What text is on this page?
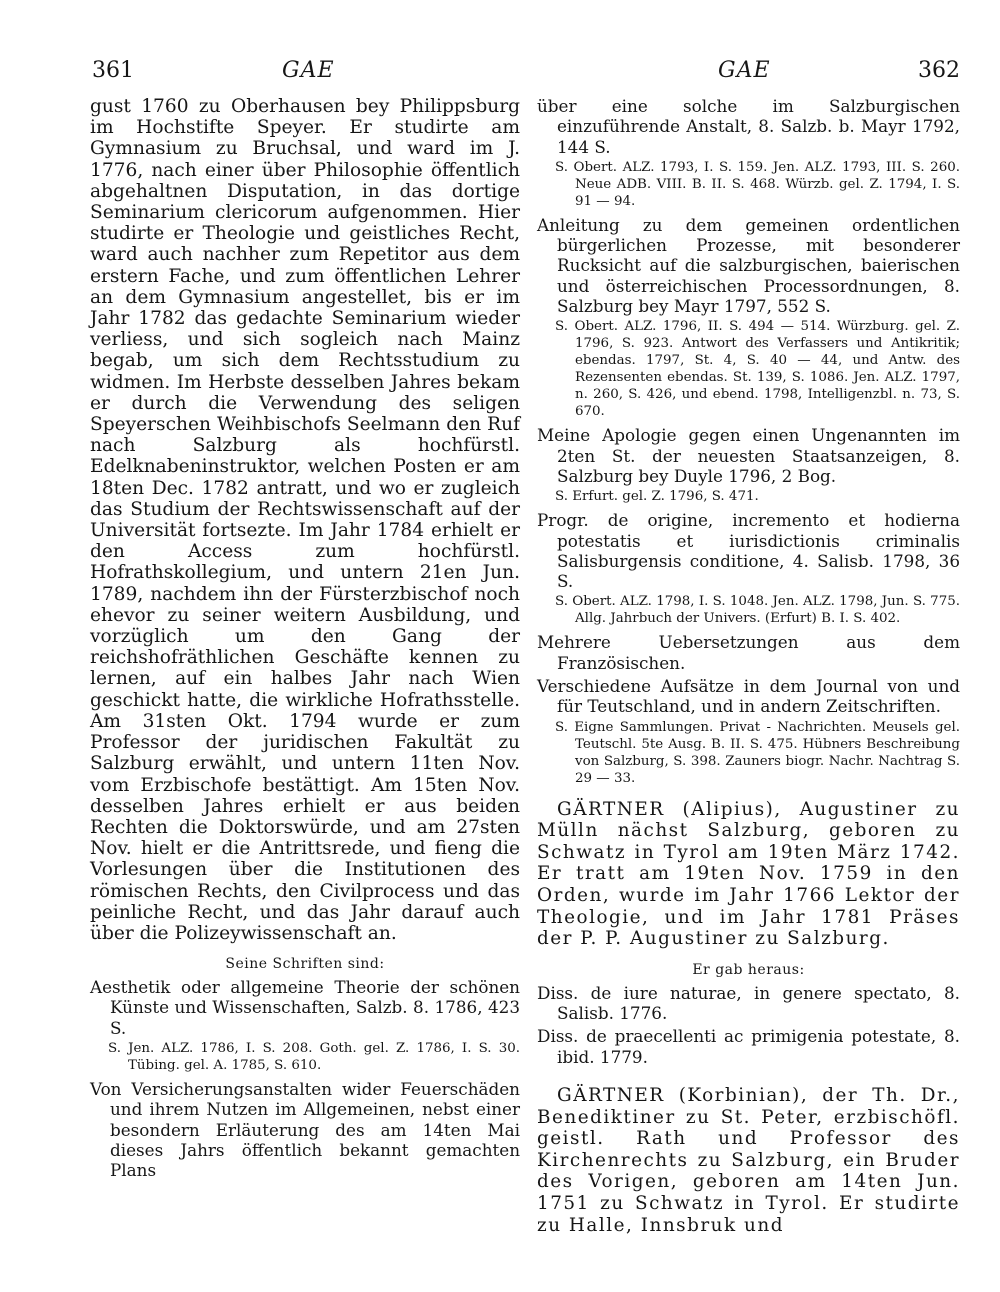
361	GAE	GAE	362

gust 1760 zu Oberhausen bey Philippsburg im Hochstifte Speyer. Er studirte am Gymnasium zu Bruchsal, und ward im J. 1776, nach einer über Philosophie öffentlich abgehaltnen Disputation, in das dortige Seminarium clericorum aufgenommen. Hier studirte er Theologie und geistliches Recht, ward auch nachher zum Repetitor aus dem erstern Fache, und zum öffentlichen Lehrer an dem Gymnasium angestellet, bis er im Jahr 1782 das gedachte Seminarium wieder verliess, und sich sogleich nach Mainz begab, um sich dem Rechtsstudium zu widmen. Im Herbste desselben Jahres bekam er durch die Verwendung des seligen Speyerschen Weihbischofs Seelmann den Ruf nach Salzburg als hochfürstl. Edelknabeninstruktor, welchen Posten er am 18ten Dec. 1782 antratt, und wo er zugleich das Studium der Rechtswissenschaft auf der Universität fortsezte. Im Jahr 1784 erhielt er den Access zum hochfürstl. Hofrathskollegium, und untern 21en Jun. 1789, nachdem ihn der Fürsterzbischof noch ehevor zu seiner weitern Ausbildung, und vorzüglich um den Gang der reichshofräthlichen Geschäfte kennen zu lernen, auf ein halbes Jahr nach Wien geschickt hatte, die wirkliche Hofrathsstelle. Am 31sten Okt. 1794 wurde er zum Professor der juridischen Fakultät zu Salzburg erwählt, und untern 11ten Nov. vom Erzbischofe bestättigt. Am 15ten Nov. desselben Jahres erhielt er aus beiden Rechten die Doktorswürde, und am 27sten Nov. hielt er die Antrittsrede, und fieng die Vorlesungen über die Institutionen des römischen Rechts, den Civilprocess und das peinliche Recht, und das Jahr darauf auch über die Polizeywissenschaft an.

Seine Schriften sind:

Aesthetik oder allgemeine Theorie der schönen Künste und Wissenschaften, Salzb. 8. 1786, 423 S.

S. Jen. ALZ. 1786, I. S. 208. Goth. gel. Z. 1786, I. S. 30. Tübing. gel. A. 1785, S. 610.

Von Versicherungsanstalten wider Feuerschäden und ihrem Nutzen im Allgemeinen, nebst einer besondern Erläuterung des am 14ten Mai dieses Jahrs öffentlich bekannt gemachten Plans

über eine solche im Salzburgischen einzuführende Anstalt, 8. Salzb. b. Mayr 1792, 144 S.

S. Obert. ALZ. 1793, I. S. 159. Jen. ALZ. 1793, III. S. 260. Neue ADB. VIII. B. II. S. 468. Würzb. gel. Z. 1794, I. S. 91 — 94.

Anleitung zu dem gemeinen ordentlichen bürgerlichen Prozesse, mit besonderer Rucksicht auf die salzburgischen, baierischen und österreichischen Processordnungen, 8. Salzburg bey Mayr 1797, 552 S.

S. Obert. ALZ. 1796, II. S. 494 — 514. Würzburg. gel. Z. 1796, S. 923. Antwort des Verfassers und Antikritik; ebendas. 1797, St. 4, S. 40 — 44, und Antw. des Rezensenten ebendas. St. 139, S. 1086. Jen. ALZ. 1797, n. 260, S. 426, und ebend. 1798, Intelligenzbl. n. 73, S. 670.

Meine Apologie gegen einen Ungenannten im 2ten St. der neuesten Staatsanzeigen, 8. Salzburg bey Duyle 1796, 2 Bog.

S. Erfurt. gel. Z. 1796, S. 471.

Progr. de origine, incremento et hodierna potestatis et iurisdictionis criminalis Salisburgensis conditione, 4. Salisb. 1798, 36 S.

S. Obert. ALZ. 1798, I. S. 1048. Jen. ALZ. 1798, Jun. S. 775. Allg. Jahrbuch der Univers. (Erfurt) B. I. S. 402.

Mehrere Uebersetzungen aus dem Französischen.

Verschiedene Aufsätze in dem Journal von und für Teutschland, und in andern Zeitschriften.

S. Eigne Sammlungen. Privat - Nachrichten. Meusels gel. Teutschl. 5te Ausg. B. II. S. 475. Hübners Beschreibung von Salzburg, S. 398. Zauners biogr. Nachr. Nachtrag S. 29 — 33.

GÄRTNER (Alipius), Augustiner zu Mülln nächst Salzburg, geboren zu Schwatz in Tyrol am 19ten März 1742. Er tratt am 19ten Nov. 1759 in den Orden, wurde im Jahr 1766 Lektor der Theologie, und im Jahr 1781 Präses der P. P. Augustiner zu Salzburg.

Er gab heraus:

Diss. de iure naturae, in genere spectato, 8. Salisb. 1776.

Diss. de praecellenti ac primigenia potestate, 8. ibid. 1779.

GÄRTNER (Korbinian), der Th. Dr., Benediktiner zu St. Peter, erzbischöfl. geistl. Rath und Professor des Kirchenrechts zu Salzburg, ein Bruder des Vorigen, geboren am 14ten Jun. 1751 zu Schwatz in Tyrol. Er studirte zu Halle, Innsbruk und
